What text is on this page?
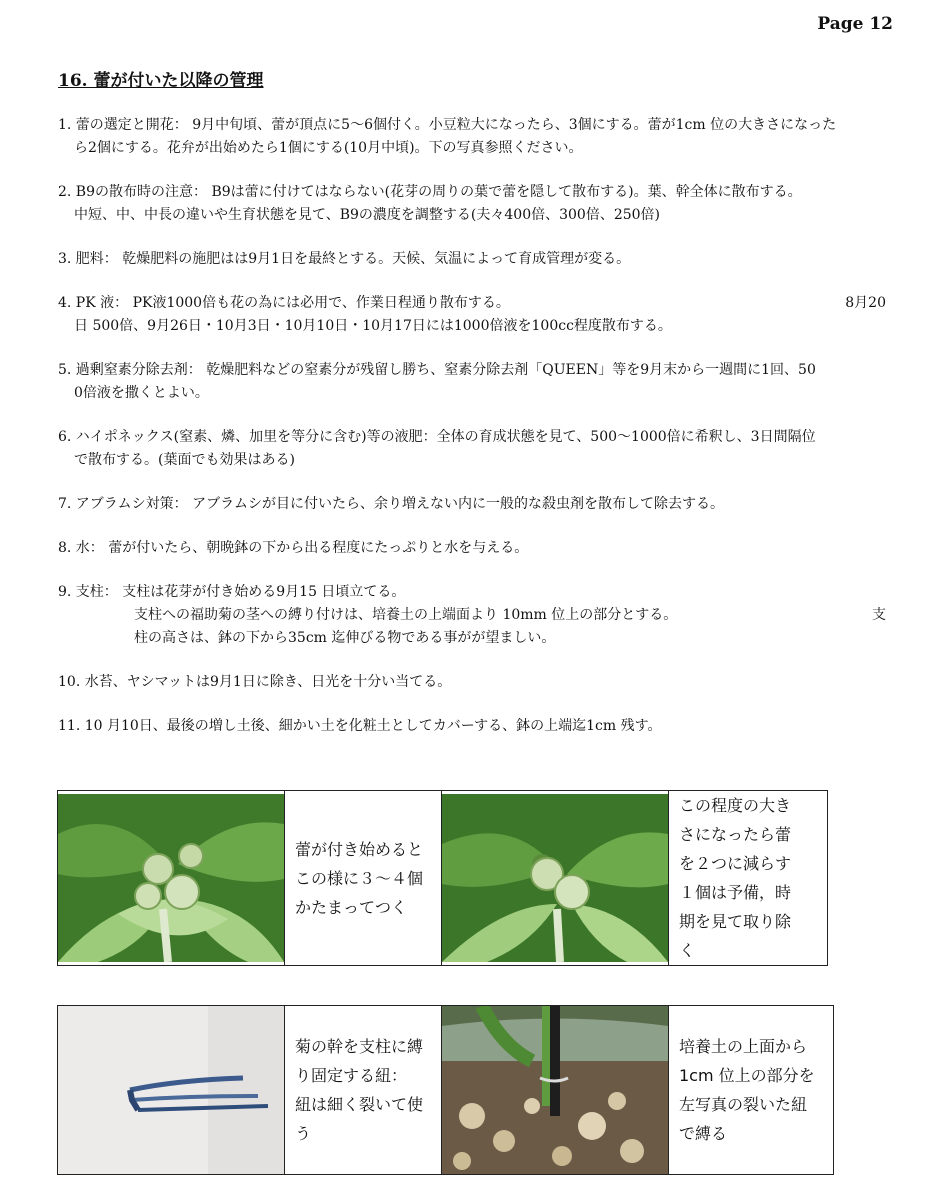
Page 12
16. 蕾が付いた以降の管理
1. 蕾の選定と開花： 9月中旬頃、蕾が頂点に5～6個付く。小豆粒大になったら、3個にする。蕾が1cm 位の大きさになった
ら2個にする。花弁が出始めたら1個にする(10月中頃)。下の写真参照ください。
2. B9の散布時の注意： B9は蕾に付けてはならない(花芽の周りの葉で蕾を隠して散布する)。葉、幹全体に散布する。
中短、中、中長の違いや生育状態を見て、B9の濃度を調整する(夫々400倍、300倍、250倍)
3. 肥料： 乾燥肥料の施肥はは9月1日を最終とする。天候、気温によって育成管理が変る。
4. PK 液： PK液1000倍も花の為には必用で、作業日程通り散布する。	8月20
日 500倍、9月26日・10月3日・10月10日・10月17日には1000倍液を100cc程度散布する。
5. 過剰窒素分除去剤： 乾燥肥料などの窒素分が残留し勝ち、窒素分除去剤「QUEEN」等を9月末から一週間に1回、50
0倍液を撒くとよい。
6. ハイポネックス(窒素、燐、加里を等分に含む)等の液肥：全体の育成状態を見て、500～1000倍に希釈し、3日間隔位
で散布する。(葉面でも効果はある)
7. アブラムシ対策： アブラムシが目に付いたら、余り増えない内に一般的な殺虫剤を散布して除去する。
8. 水： 蕾が付いたら、朝晩鉢の下から出る程度にたっぷりと水を与える。
9. 支柱： 支柱は花芽が付き始める9月15 日頃立てる。
支柱への福助菊の茎への縛り付けは、培養土の上端面より 10mm 位上の部分とする。	支
柱の高さは、鉢の下から35cm 迄伸びる物である事がが望ましい。
10. 水苔、ヤシマットは9月1日に除き、日光を十分い当てる。
11. 10 月10日、最後の増し土後、細かい土を化粧土としてカバーする、鉢の上端迄1cm 残す。

蕾が付き始めると
この様に３～４個
かたまってつく

この程度の大き
さになったら蕾
を２つに減らす
１個は予備，時
期を見て取り除
く

菊の幹を支柱に縛
り固定する紐：
紐は細く裂いて使
う

培養土の上面から
1cm 位上の部分を
左写真の裂いた紐
で縛る
